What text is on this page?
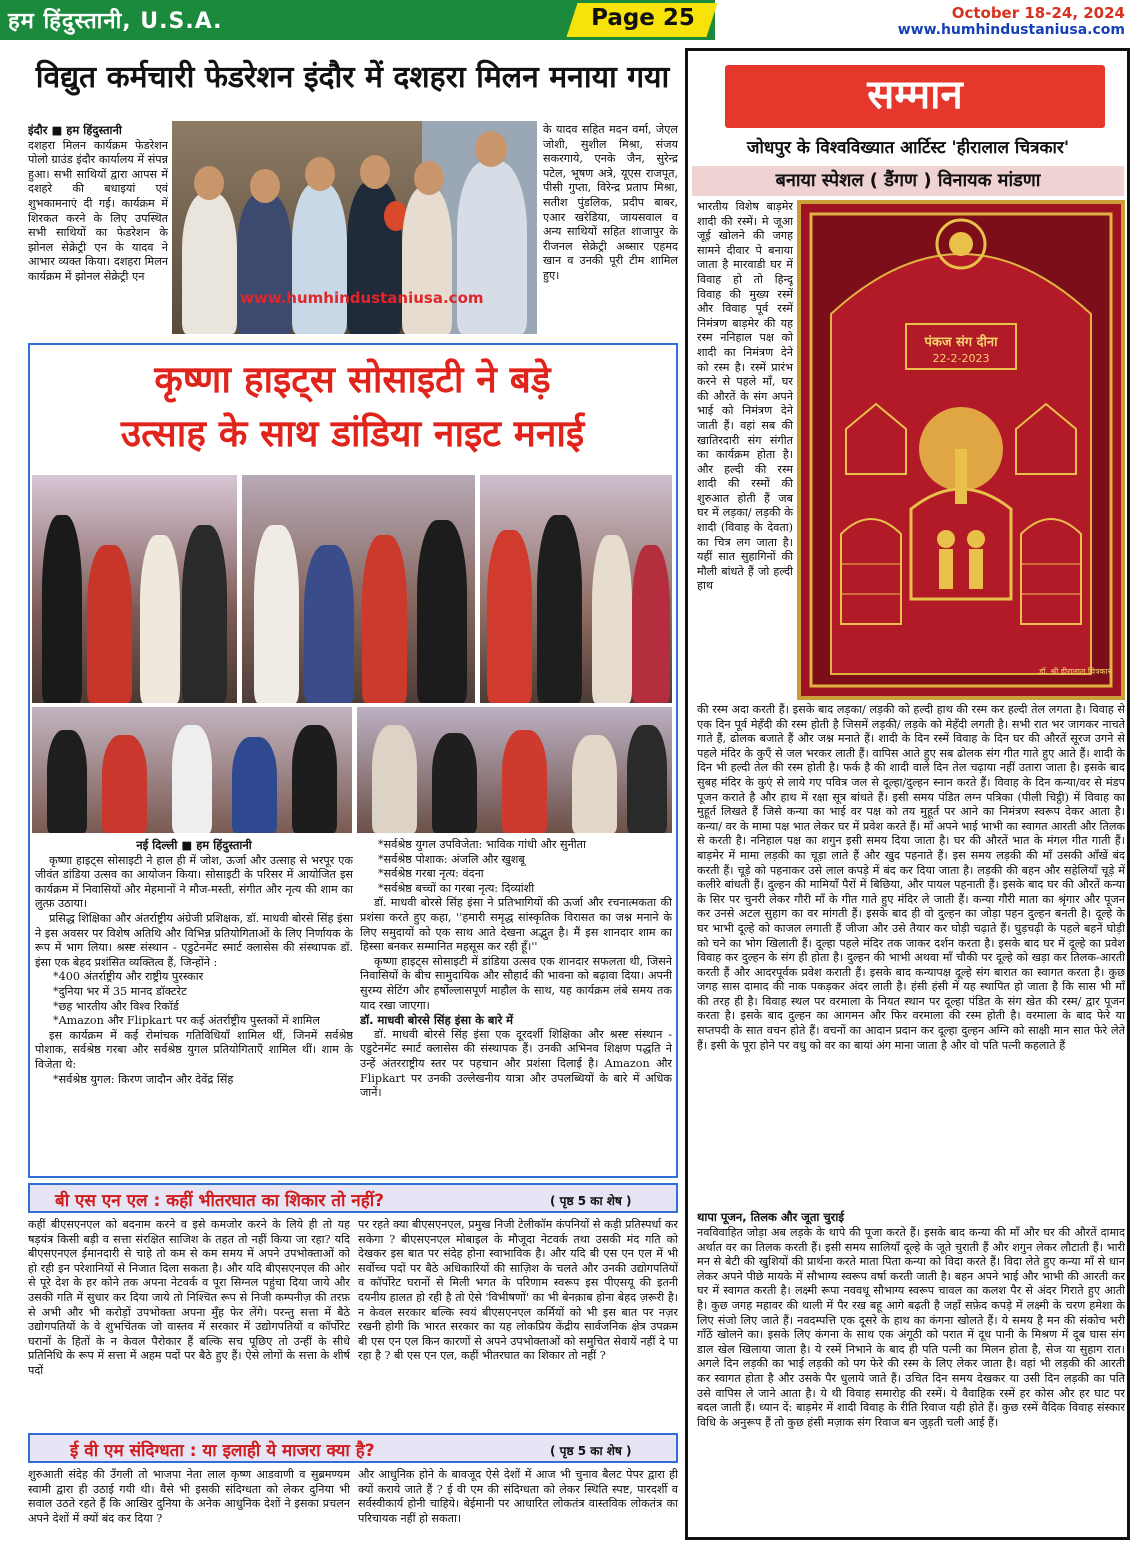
हम हिंदुस्तानी, U.S.A.	Page 25	October 18-24, 2024
www.humhindustaniusa.com
विद्युत कर्मचारी फेडरेशन इंदौर में दशहरा मिलन मनाया गया

इंदौर ■ हम हिंदुस्तानी

दशहरा मिलन कार्यक्रम फेडरेशन पोलो ग्राउंड इंदौर कार्यालय में संपन्न हुआ। सभी साथियों द्वारा आपस में दशहरे की बधाइयां एवं शुभकामनाएं दी गई। कार्यक्रम में शिरकत करने के लिए उपस्थित सभी साथियों का फेडरेशन के झोनल सेक्रेट्री एन के यादव ने आभार व्यक्त किया। दशहरा मिलन कार्यक्रम में झोनल सेक्रेट्री एन

www.humhindustaniusa.com
के यादव सहित मदन वर्मा, जेएल जोशी, सुशील मिश्रा, संजय सकरगाये, एनके जैन, सुरेन्द्र पटेल, भूषण अत्रे, यूएस राजपूत, पीसी गुप्ता, विरेन्द्र प्रताप मिश्रा, सतीश पुंडलिक, प्रदीप बाबर, एआर खरेडिया, जायसवाल व अन्य साथियों सहित शाजापुर के रीजनल सेक्रेट्री अब्सार एहमद खान व उनकी पूरी टीम शामिल हुए।
कृष्णा हाइट्स सोसाइटी ने बड़े
उत्साह के साथ डांडिया नाइट मनाई

नई दिल्ली ■ हम हिंदुस्तानी

कृष्णा हाइट्स सोसाइटी ने हाल ही में जोश, ऊर्जा और उत्साह से भरपूर एक जीवंत डांडिया उत्सव का आयोजन किया। सोसाइटी के परिसर में आयोजित इस कार्यक्रम में निवासियों और मेहमानों ने मौज-मस्ती, संगीत और नृत्य की शाम का लुत्फ़ उठाया।

प्रसिद्ध शिक्षिका और अंतर्राष्ट्रीय अंग्रेजी प्रशिक्षक, डॉ. माधवी बोरसे सिंह इंसा ने इस अवसर पर विशेष अतिथि और विभिन्न प्रतियोगिताओं के लिए निर्णायक के रूप में भाग लिया। श्रस्ष्ट संस्थान - एडुटेनमेंट स्मार्ट क्लासेस की संस्थापक डॉ. इंसा एक बेहद प्रशंसित व्यक्तित्व हैं, जिन्होंने :

*400 अंतर्राष्ट्रीय और राष्ट्रीय पुरस्कार

*दुनिया भर में 35 मानद डॉक्टरेट

*छह भारतीय और विश्व रिकॉर्ड

*Amazon और Flipkart पर कई अंतर्राष्ट्रीय पुस्तकों में शामिल

इस कार्यक्रम में कई रोमांचक गतिविधियाँ शामिल थीं, जिनमें सर्वश्रेष्ठ पोशाक, सर्वश्रेष्ठ गरबा और सर्वश्रेष्ठ युगल प्रतियोगिताएँ शामिल थीं। शाम के विजेता थे:

*सर्वश्रेष्ठ युगल: किरण जादौन और देवेंद्र सिंह

*सर्वश्रेष्ठ युगल उपविजेता: भाविक गांधी और सुनीता

*सर्वश्रेष्ठ पोशाक: अंजलि और खुशबू

*सर्वश्रेष्ठ गरबा नृत्य: वंदना

*सर्वश्रेष्ठ बच्चों का गरबा नृत्य: दिव्यांशी

डॉ. माधवी बोरसे सिंह इंसा ने प्रतिभागियों की ऊर्जा और रचनात्मकता की प्रशंसा करते हुए कहा, ''हमारी समृद्ध सांस्कृतिक विरासत का जश्न मनाने के लिए समुदायों को एक साथ आते देखना अद्भुत है। मैं इस शानदार शाम का हिस्सा बनकर सम्मानित महसूस कर रही हूँ।''

कृष्णा हाइट्स सोसाइटी में डांडिया उत्सव एक शानदार सफलता थी, जिसने निवासियों के बीच सामुदायिक और सौहार्द की भावना को बढ़ावा दिया। अपनी सुरम्य सेटिंग और हर्षोल्लासपूर्ण माहौल के साथ, यह कार्यक्रम लंबे समय तक याद रखा जाएगा।

डॉ. माधवी बोरसे सिंह इंसा के बारे में

डॉ. माधवी बोरसे सिंह इंसा एक दूरदर्शी शिक्षिका और श्रस्ष्ट संस्थान - एडुटेनमेंट स्मार्ट क्लासेस की संस्थापक हैं। उनकी अभिनव शिक्षण पद्धति ने उन्हें अंतरराष्ट्रीय स्तर पर पहचान और प्रशंसा दिलाई है। Amazon और Flipkart पर उनकी उल्लेखनीय यात्रा और उपलब्धियों के बारे में अधिक जानें।

बी एस एन एल : कहीं भीतरघात का शिकार तो नहीं?	( पृष्ठ 5 का शेष )
कहीं बीएसएनएल को बदनाम करने व इसे कमजोर करने के लिये ही तो यह षड़यंत्र किसी बड़ी व सत्ता संरक्षित साजिश के तहत तो नहीं किया जा रहा? यदि बीएसएनएल ईमानदारी से चाहे तो कम से कम समय में अपने उपभोक्ताओं को हो रही इन परेशानियों से निजात दिला सकता है। और यदि बीएसएनएल की ओर से पूरे देश के हर कोने तक अपना नेटवर्क व पूरा सिग्नल पहुंचा दिया जाये और उसकी गति में सुधार कर दिया जाये तो निश्चित रूप से निजी कम्पनीज़ की तरफ़ से अभी और भी करोड़ों उपभोक्ता अपना मुँह फेर लेंगे। परन्तु सत्ता में बैठे उद्योगपतियों के वे शुभचिंतक जो वास्तव में सरकार में उद्योगपतियों व कॉर्पोरेट घरानों के हितों के न केवल पैरोकार हैं बल्कि सच पूछिए तो उन्हीं के सीधे प्रतिनिधि के रूप में सत्ता में अहम पदों पर बैठे हुए हैं। ऐसे लोगों के सत्ता के शीर्ष पदों
पर रहते क्या बीएसएनएल, प्रमुख निजी टेलीकॉम कंपनियों से कड़ी प्रतिस्पर्धा कर सकेगा ? बीएसएनएल मोबाइल के मौजूदा नेटवर्क तथा उसकी मंद गति को देखकर इस बात पर संदेह होना स्वाभाविक है। और यदि बी एस एन एल में भी सर्वोच्च पदों पर बैठे अधिकारियों की साज़िश के चलते और उनकी उद्योगपतियों व कॉर्पोरेट घरानों से मिली भगत के परिणाम स्वरूप इस पीएसयू की इतनी दयनीय हालत हो रही है तो ऐसे 'विभीषणों' का भी बेनक़ाब होना बेहद ज़रूरी है। न केवल सरकार बल्कि स्वयं बीएसएनएल कर्मियों को भी इस बात पर नज़र रखनी होगी कि भारत सरकार का यह लोकप्रिय केंद्रीय सार्वजनिक क्षेत्र उपक्रम बी एस एन एल किन कारणों से अपने उपभोक्ताओं को समुचित सेवायें नहीं दे पा रहा है ? बी एस एन एल, कहीं भीतरघात का शिकार तो नहीं ?
ई वी एम संदिग्धता : या इलाही ये माजरा क्या है?	( पृष्ठ 5 का शेष )
शुरुआती संदेह की उँगली तो भाजपा नेता लाल कृष्ण आडवाणी व सुब्रमण्यम स्वामी द्वारा ही उठाई गयी थी। वैसे भी इसकी संदिग्धता को लेकर दुनिया भी सवाल उठते रहते हैं कि आखिर दुनिया के अनेक आधुनिक देशों ने इसका प्रचलन अपने देशों में क्यों बंद कर दिया ?
और आधुनिक होने के बावजूद ऐसे देशों में आज भी चुनाव बैलट पेपर द्वारा ही क्यों कराये जाते हैं ? ई वी एम की संदिग्धता को लेकर स्थिति स्पष्ट, पारदर्शी व सर्वस्वीकार्य होनी चाहिये। बेईमानी पर आधारित लोकतंत्र वास्तविक लोकतंत्र का परिचायक नहीं हो सकता।
सम्मान
जोधपुर के विश्वविख्यात आर्टिस्ट 'हीरालाल चित्रकार'
बनाया स्पेशल ( डैंगण ) विनायक मांडणा
पंकज संग दीना
22-2-2023
डॉ. श्री हीरालाल चित्रकार
भारतीय विशेष बाड़मेर शादी की रस्में। मे जूआ जूई खोलने की जगह सामने दीवार पे बनाया जाता है मारवाडी घर में विवाह हो तो हिन्दू विवाह की मुख्य रस्में और विवाह पूर्व रस्में निमंत्रण बाड़मेर की यह रस्म ननिहाल पक्ष को शादी का निमंत्रण देने को रस्म है। रस्में प्रारंभ करने से पहले माँ, घर की औरतें के संग अपने भाई को निमंत्रण देने जाती हैं। वहां सब की खातिरदारी संग संगीत का कार्यक्रम होता है। और हल्दी की रस्म शादी की रस्मों की शुरुआत होती हैं जब घर में लड़का/ लड़की के शादी (विवाह के देवता) का चित्र लग जाता है। यहीं सात सुहागिनों की मौली बांधते हैं जो हल्दी हाथ
की रस्म अदा करती हैं। इसके बाद लड़का/ लड़की को हल्दी हाथ की रस्म कर हल्दी तेल लगता है। विवाह से एक दिन पूर्व मेहँदी की रस्म होती है जिसमें लड़की/ लड़के को मेहँदी लगती है। सभी रात भर जागकर नाचते गाते हैं, ढोलक बजाते हैं और जश्न मनाते हैं। शादी के दिन रस्में विवाह के दिन घर की औरतें सूरज उगने से पहले मंदिर के कुएँ से जल भरकर लाती हैं। वापिस आते हुए सब ढोलक संग गीत गाते हुए आते हैं। शादी के दिन भी हल्दी तेल की रस्म होती है। फर्क है की शादी वाले दिन तेल चढ़ाया नहीं उतारा जाता है। इसके बाद सुबह मंदिर के कुएं से लाये गए पवित्र जल से दूल्हा/दुल्हन स्नान करते हैं। विवाह के दिन कन्या/वर से मंडप पूजन कराते है और हाथ में रक्षा सूत्र बांधते हैं। इसी समय पंडित लग्न पत्रिका (पीली चिट्ठी) में विवाह का मुहूर्त लिखते हैं जिसे कन्या का भाई वर पक्ष को तय मुहूर्त पर आने का निमंत्रण स्वरूप देकर आता है। कन्या/ वर के मामा पक्ष भात लेकर घर में प्रवेश करते हैं। माँ अपने भाई भाभी का स्वागत आरती और तिलक से करती है। ननिहाल पक्ष का शगुन इसी समय दिया जाता है। घर की औरतें भात के मंगल गीत गाती हैं। बाड़मेर में मामा लड़की का चूड़ा लाते हैं और खुद पहनाते हैं। इस समय लड़की की माँ उसकी आँखें बंद करती हैं। चूड़े को पहनाकर उसे लाल कपड़े में बंद कर दिया जाता है। लड़की की बहन और सहेलियाँ चूड़े में कलीरे बांधती हैं। दुल्हन की मामियाँ पैरों में बिछिया, और पायल पहनाती हैं। इसके बाद घर की औरतें कन्या के सिर पर चुनरी लेकर गौरी माँ के गीत गाते हुए मंदिर ले जाती हैं। कन्या गौरी माता का श्रृंगार और पूजन कर उनसे अटल सुहाग का वर मांगती हैं। इसके बाद ही वो दुल्हन का जोड़ा पहन दुल्हन बनती है। दूल्हे के घर भाभी दूल्हे को काजल लगाती हैं जीजा और उसे तैयार कर घोड़ी चढ़ाते हैं। घुड़चढ़ी के पहले बहनें घोड़ी को चने का भोग खिलाती हैं। दूल्हा पहले मंदिर तक जाकर दर्शन करता है। इसके बाद घर में दूल्हे का प्रवेश विवाह कर दुल्हन के संग ही होता है। दुल्हन की भाभी अथवा माँ चौकी पर दूल्हे को खड़ा कर तिलक-आरती करती हैं और आदरपूर्वक प्रवेश कराती हैं। इसके बाद कन्यापक्ष दूल्हे संग बारात का स्वागत करता है। कुछ जगह सास दामाद की नाक पकड़कर अंदर लाती है। हंसी हंसी में यह स्थापित हो जाता है कि सास भी माँ की तरह ही है। विवाह स्थल पर वरमाला के नियत स्थान पर दूल्हा पंडित के संग खेत की रस्म/ द्वार पूजन करता है। इसके बाद दुल्हन का आगमन और फिर वरमाला की रस्म होती है। वरमाला के बाद फेरे या सप्तपदी के सात वचन होते हैं। वचनों का आदान प्रदान कर दूल्हा दुल्हन अग्नि को साक्षी मान सात फेरे लेते हैं। इसी के पूरा होने पर वधु को वर का बायां अंग माना जाता है और वो पति पत्नी कहलाते हैं
थापा पूजन, तिलक और जूता चुराई
नवविवाहित जोड़ा अब लड़के के थापे की पूजा करते हैं। इसके बाद कन्या की माँ और घर की औरतें दामाद अर्थात वर का तिलक करती हैं। इसी समय सालियाँ दूल्हे के जूते चुराती हैं और शगुन लेकर लौटाती हैं। भारी मन से बेटी की खुशियों की प्रार्थना करते माता पिता कन्या को विदा करते हैं। विदा लेते हुए कन्या माँ से धान लेकर अपने पीछे मायके में सौभाग्य स्वरूप वर्षा करती जाती है। बहन अपने भाई और भाभी की आरती कर घर में स्वागत करती है। लक्ष्मी रूपा नववधू सौभाग्य स्वरूप चावल का कलश पैर से अंदर गिराते हुए आती है। कुछ जगह महावर की थाली में पैर रख बहू आगे बढ़ती है जहाँ सफ़ेद कपड़े में लक्ष्मी के चरण हमेशा के लिए संजो लिए जाते हैं। नवदम्पत्ति एक दूसरे के हाथ का कंगना खोलते हैं। ये समय है मन की संकोच भरी गाँठें खोलने का। इसके लिए कंगना के साथ एक अंगूठी को परात में दूध पानी के मिश्रण में दूब घास संग डाल खेल खिलाया जाता है। ये रस्में निभाने के बाद ही पति पत्नी का मिलन होता है, सेज या सुहाग रात। अगले दिन लड़की का भाई लड़की को पग फेरे की रस्म के लिए लेकर जाता है। वहां भी लड़की की आरती कर स्वागत होता है और उसके पैर धुलाये जाते हैं। उचित दिन समय देखकर या उसी दिन लड़की का पति उसे वापिस ले जाने आता है। ये थी विवाह समारोह की रस्में। ये वैवाहिक रस्में हर कोस और हर घाट पर बदल जाती हैं। ध्यान दें: बाड़मेर में शादी विवाह के रीति रिवाज यही होते हैं। कुछ रस्में वैदिक विवाह संस्कार विधि के अनुरूप हैं तो कुछ हंसी मज़ाक संग रिवाज बन जुड़ती चली आई हैं।
